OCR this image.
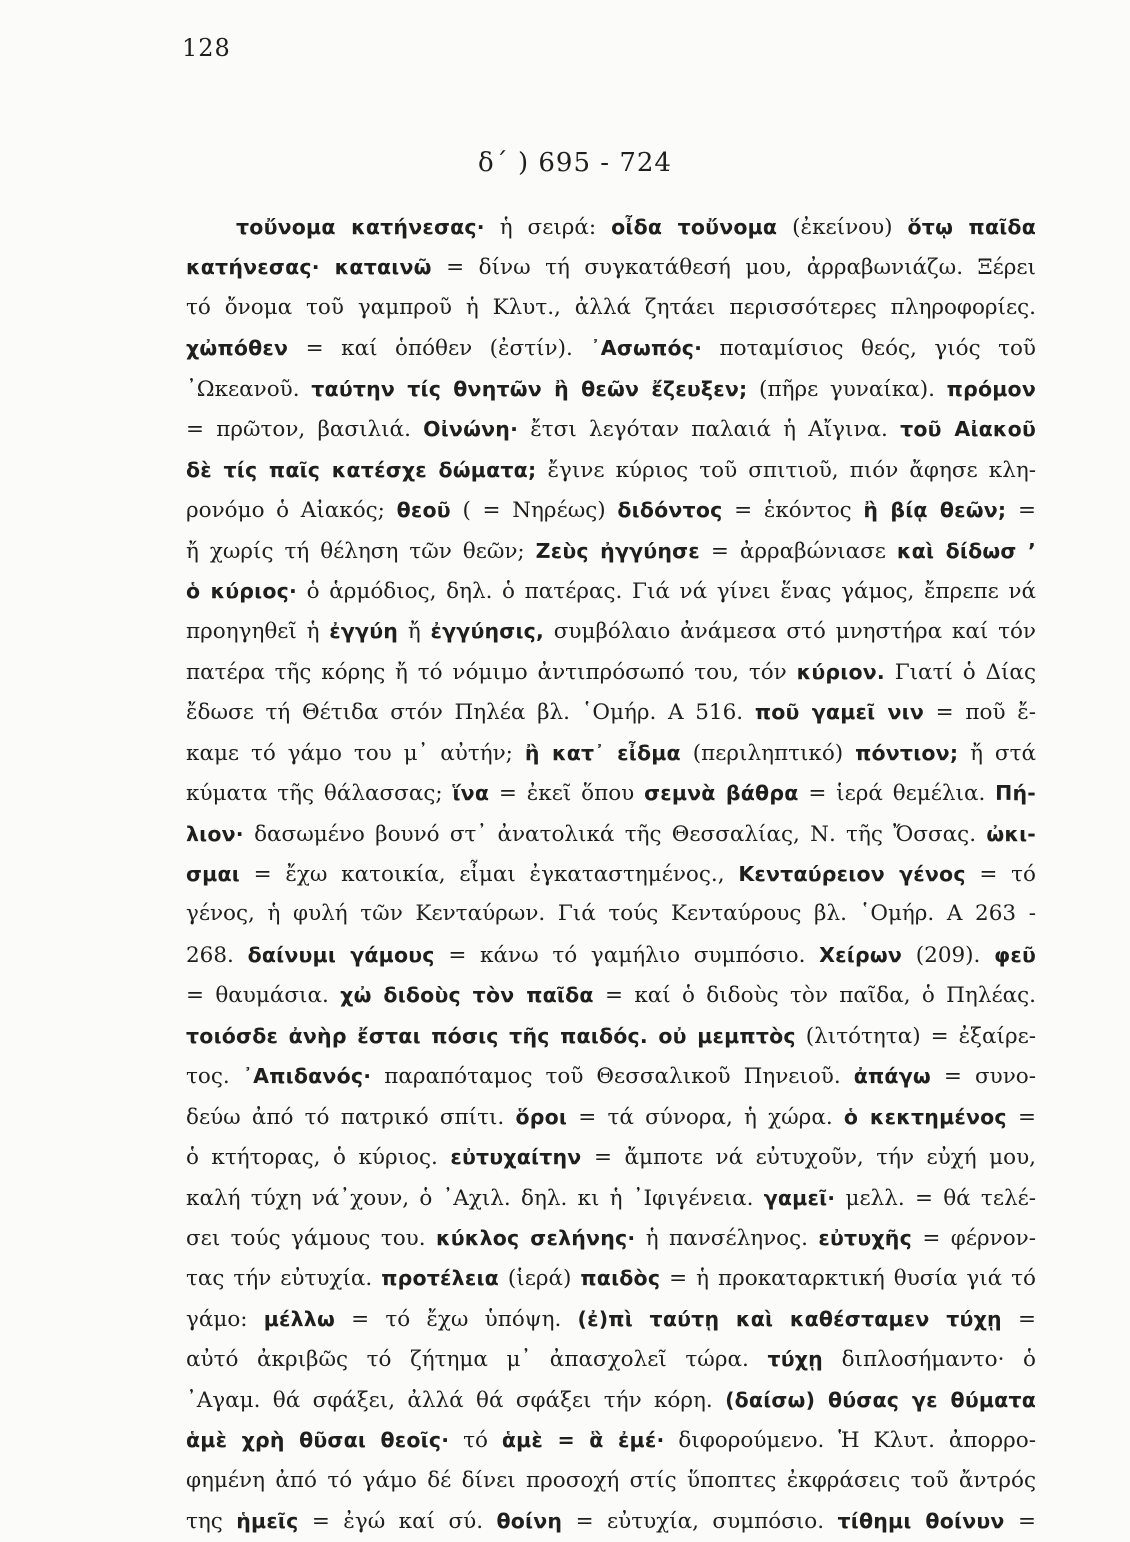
128
δ΄ ) 695 - 724
τοὔνομα κατήνεσας· ἡ σειρά: οἶδα τοὔνομα (ἐκείνου) ὅτῳ παῖδα
κατήνεσας· καταινῶ = δίνω τή συγκατάθεσή μου, ἀρραβωνιάζω. Ξέρει
τό ὄνομα τοῦ γαμπροῦ ἡ Κλυτ., ἀλλά ζητάει περισσότερες πληροφορίες.
χὠπόθεν = καί ὁπόθεν (ἐστίν). ᾿Ασωπός· ποταμίσιος θεός, γιός τοῦ
᾿Ωκεανοῦ. ταύτην τίς θνητῶν ἢ θεῶν ἔζευξεν; (πῆρε γυναίκα). πρόμον
= πρῶτον, βασιλιά. Οἰνώνη· ἔτσι λεγόταν παλαιά ἡ Αἴγινα. τοῦ Αἰακοῦ
δὲ τίς παῖς κατέσχε δώματα; ἔγινε κύριος τοῦ σπιτιοῦ, πιόν ἄφησε κλη-
ρονόμο ὁ Αἰακός; θεοῦ ( = Νηρέως) διδόντος = ἑκόντος ἢ βίᾳ θεῶν; =
ἤ χωρίς τή θέληση τῶν θεῶν; Ζεὺς ἠγγύησε = ἀρραβώνιασε καὶ δίδωσ ’
ὁ κύριος· ὁ ἁρμόδιος, δηλ. ὁ πατέρας. Γιά νά γίνει ἕνας γάμος, ἔπρεπε νά
προηγηθεῖ ἡ ἐγγύη ἤ ἐγγύησις, συμβόλαιο ἀνάμεσα στό μνηστήρα καί τόν
πατέρα τῆς κόρης ἤ τό νόμιμο ἀντιπρόσωπό του, τόν κύριον. Γιατί ὁ Δίας
ἔδωσε τή Θέτιδα στόν Πηλέα βλ. ῾Ομήρ. Α 516. ποῦ γαμεῖ νιν = ποῦ ἔ-
καμε τό γάμο του μ᾿ αὐτήν; ἢ κατ᾿ εἶδμα (περιληπτικό) πόντιον; ἤ στά
κύματα τῆς θάλασσας; ἵνα = ἐκεῖ ὅπου σεμνὰ βάθρα = ἱερά θεμέλια. Πή-
λιον· δασωμένο βουνό στ᾿ ἀνατολικά τῆς Θεσσαλίας, Ν. τῆς Ὄσσας. ὠκι-
σμαι = ἔχω κατοικία, εἶμαι ἐγκαταστημένος., Κενταύρειον γένος = τό
γένος, ἡ φυλή τῶν Κενταύρων. Γιά τούς Κενταύρους βλ. ῾Ομήρ. Α 263 -
268. δαίνυμι γάμους = κάνω τό γαμήλιο συμπόσιο. Χείρων (209). φεῦ
= θαυμάσια. χὠ διδοὺς τὸν παῖδα = καί ὁ διδοὺς τὸν παῖδα, ὁ Πηλέας.
τοιόσδε ἀνὴρ ἔσται πόσις τῆς παιδός. οὐ μεμπτὸς (λιτότητα) = ἐξαίρε-
τος. ᾿Απιδανός· παραπόταμος τοῦ Θεσσαλικοῦ Πηνειοῦ. ἀπάγω = συνο-
δεύω ἀπό τό πατρικό σπίτι. ὅροι = τά σύνορα, ἡ χώρα. ὁ κεκτημένος =
ὁ κτήτορας, ὁ κύριος. εὐτυχαίτην = ἄμποτε νά εὐτυχοῦν, τήν εὐχή μου,
καλή τύχη νά᾿χουν, ὁ ᾿Αχιλ. δηλ. κι ἡ ᾿Ιφιγένεια. γαμεῖ· μελλ. = θά τελέ-
σει τούς γάμους του. κύκλος σελήνης· ἡ πανσέληνος. εὐτυχῆς = φέρνον-
τας τήν εὐτυχία. προτέλεια (ἱερά) παιδὸς = ἡ προκαταρκτική θυσία γιά τό
γάμο: μέλλω = τό ἔχω ὑπόψη. (ἐ)πὶ ταύτῃ καὶ καθέσταμεν τύχῃ =
αὐτό ἀκριβῶς τό ζήτημα μ᾿ ἀπασχολεῖ τώρα. τύχῃ διπλοσήμαντο· ὁ
᾿Αγαμ. θά σφάξει, ἀλλά θά σφάξει τήν κόρη. (δαίσω) θύσας γε θύματα
ἁμὲ χρὴ θῦσαι θεοῖς· τό ἁμὲ = ἃ ἐμέ· διφορούμενο. Ἡ Κλυτ. ἀπορρο-
φημένη ἀπό τό γάμο δέ δίνει προσοχή στίς ὕποπτες ἐκφράσεις τοῦ ἄντρός
της ἡμεῖς = ἐγώ καί σύ. θοίνη = εὐτυχία, συμπόσιο. τίθημι θοίνυν =
